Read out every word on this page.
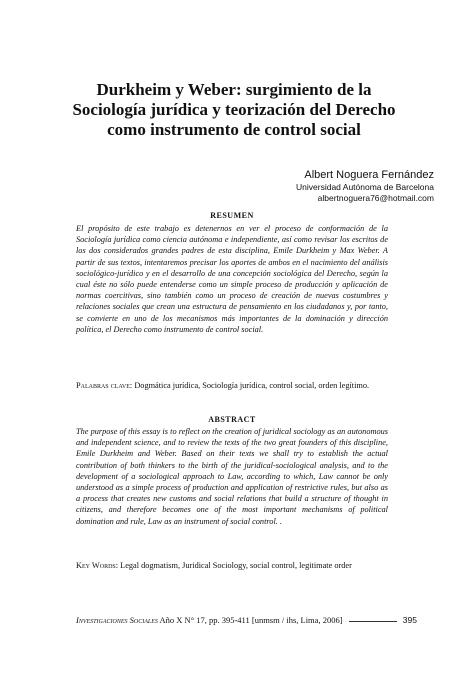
Durkheim y Weber: surgimiento de la
Sociología jurídica y teorización del Derecho
como instrumento de control social
Albert Noguera Fernández
Universidad Autónoma de Barcelona
albertnoguera76@hotmail.com
RESUMEN

El propósito de este trabajo es detenernos en ver el proceso de conformación de la Sociología jurídica como ciencia autónoma e independiente, así como revisar los escritos de los dos considerados grandes padres de esta disciplina, Emile Durkheim y Max Weber. A partir de sus textos, intentaremos precisar los aportes de ambos en el nacimiento del análisis sociológico-jurídico y en el desarrollo de una concepción sociológica del Derecho, según la cual éste no sólo puede entenderse como un simple proceso de producción y aplicación de normas coercitivas, sino también como un proceso de creación de nuevas costumbres y relaciones sociales que crean una estructura de pensamiento en los ciudadanos y, por tanto, se convierte en uno de los mecanismos más importantes de la dominación y dirección política, el Derecho como instrumento de control social.

Palabras clave: Dogmática jurídica, Sociología jurídica, control social, orden legítimo.

ABSTRACT

The purpose of this essay is to reflect on the creation of juridical sociology as an autonomous and independent science, and to review the texts of the two great founders of this discipline, Emile Durkheim and Weber. Based on their texts we shall try to establish the actual contribution of both thinkers to the birth of the juridical-sociological analysis, and to the development of a sociological approach to Law, according to which, Law cannot be only understood as a simple process of production and application of restrictive rules, but also as a process that creates new customs and social relations that build a structure of thought in citizens, and therefore becomes one of the most important mechanisms of political domination and rule, Law as an instrument of social control. .

Key Words: Legal dogmatism, Juridical Sociology, social control, legitimate order

Investigaciones Sociales Año X N° 17, pp. 395-411 [unmsm / ihs, Lima, 2006]	395
